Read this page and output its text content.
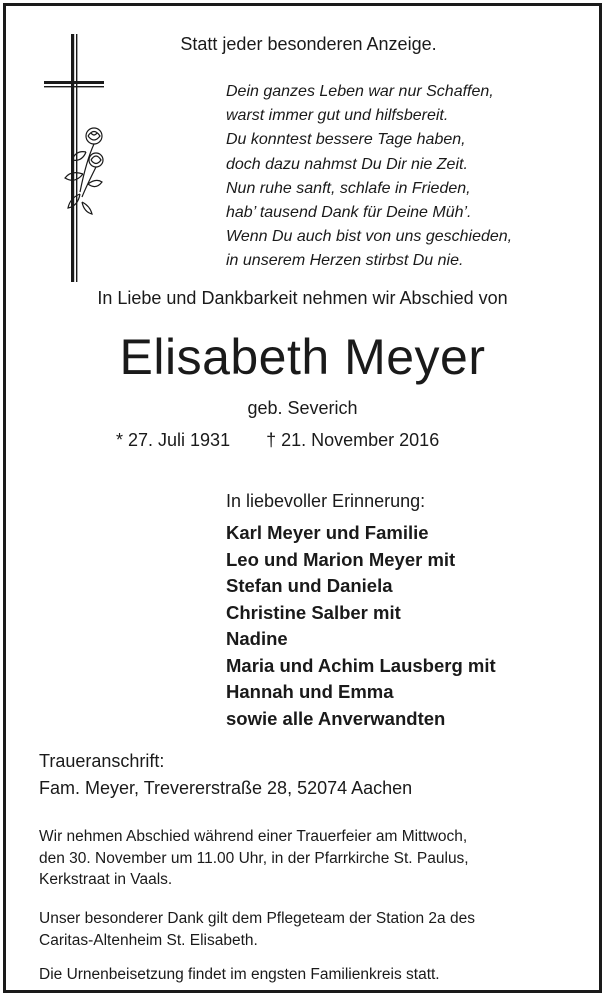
Statt jeder besonderen Anzeige.
Dein ganzes Leben war nur Schaffen,
warst immer gut und hilfsbereit.
Du konntest bessere Tage haben,
doch dazu nahmst Du Dir nie Zeit.
Nun ruhe sanft, schlafe in Frieden,
hab’ tausend Dank für Deine Müh’.
Wenn Du auch bist von uns geschieden,
in unserem Herzen stirbst Du nie.
In Liebe und Dankbarkeit nehmen wir Abschied von
Elisabeth Meyer
geb. Severich
* 27. Juli 1931 † 21. November 2016
In liebevoller Erinnerung:
Karl Meyer und Familie
Leo und Marion Meyer mit
Stefan und Daniela
Christine Salber mit
Nadine
Maria und Achim Lausberg mit
Hannah und Emma
sowie alle Anverwandten
Traueranschrift:
Fam. Meyer, Trevererstraße 28, 52074 Aachen
Wir nehmen Abschied während einer Trauerfeier am Mittwoch,
den 30. November um 11.00 Uhr, in der Pfarrkirche St. Paulus,
Kerkstraat in Vaals.
Unser besonderer Dank gilt dem Pflegeteam der Station 2a des
Caritas-Altenheim St. Elisabeth.
Die Urnenbeisetzung findet im engsten Familienkreis statt.
